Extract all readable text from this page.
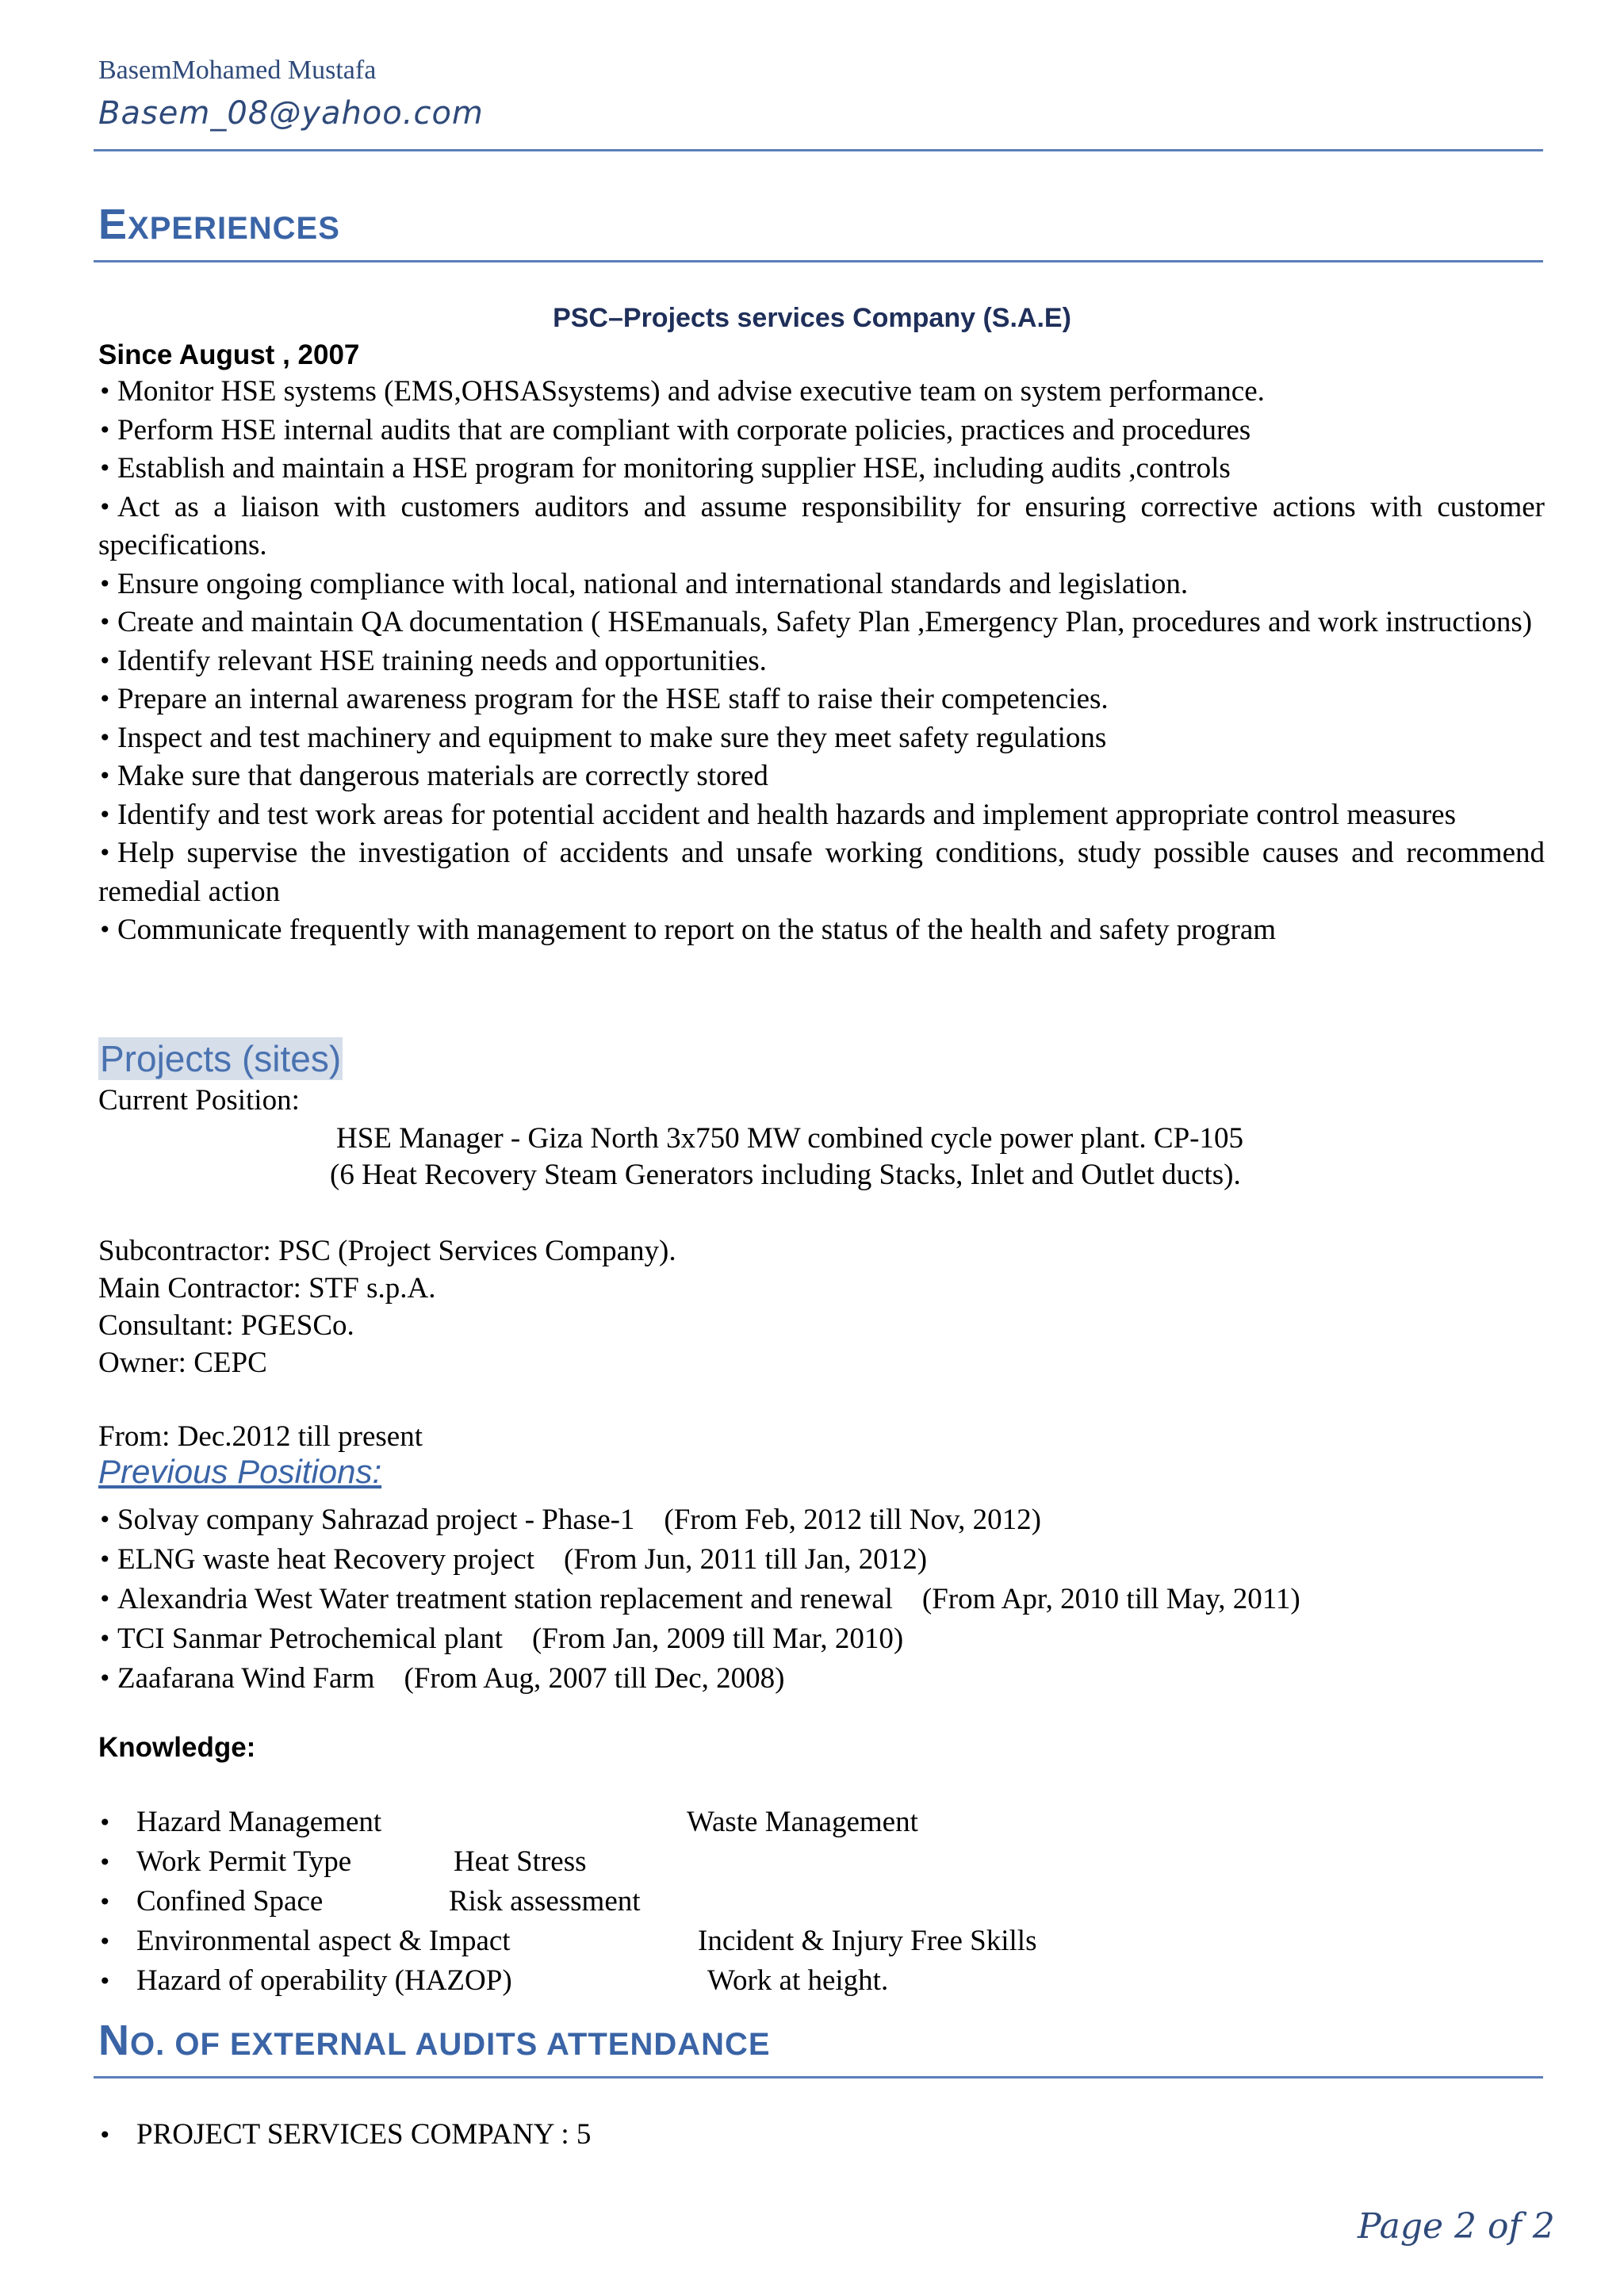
BasemMohamed Mustafa
Basem_08@yahoo.com
EXPERIENCES
PSC–Projects services Company (S.A.E)
Since August , 2007
• Monitor HSE systems (EMS,OHSASsystems) and advise executive team on system performance.
• Perform HSE internal audits that are compliant with corporate policies, practices and procedures
• Establish and maintain a HSE program for monitoring supplier HSE, including audits ,controls
• Act as a liaison with customers auditors and assume responsibility for ensuring corrective actions with customer specifications.
• Ensure ongoing compliance with local, national and international standards and legislation.
• Create and maintain QA documentation ( HSEmanuals, Safety Plan ,Emergency Plan, procedures and work instructions)
• Identify relevant HSE training needs and opportunities.
• Prepare an internal awareness program for the HSE staff to raise their competencies.
• Inspect and test machinery and equipment to make sure they meet safety regulations
• Make sure that dangerous materials are correctly stored
• Identify and test work areas for potential accident and health hazards and implement appropriate control measures
• Help supervise the investigation of accidents and unsafe working conditions, study possible causes and recommend remedial action
• Communicate frequently with management to report on the status of the health and safety program
Projects (sites)
Current Position:
HSE Manager - Giza North 3x750 MW combined cycle power plant. CP-105
(6 Heat Recovery Steam Generators including Stacks, Inlet and Outlet ducts).
Subcontractor: PSC (Project Services Company).
Main Contractor: STF s.p.A.
Consultant: PGESCo.
Owner: CEPC
From: Dec.2012 till present
Previous Positions:
• Solvay company Sahrazad project - Phase-1    (From Feb, 2012 till Nov, 2012)
• ELNG waste heat Recovery project    (From Jun, 2011 till Jan, 2012)
• Alexandria West Water treatment station replacement and renewal    (From Apr, 2010 till May, 2011)
• TCI Sanmar Petrochemical plant    (From Jan, 2009 till Mar, 2010)
• Zaafarana Wind Farm    (From Aug, 2007 till Dec, 2008)
Knowledge:
• Hazard Management	Waste Management
• Work Permit Type	Heat Stress
• Confined Space	Risk assessment
• Environmental aspect & Impact	Incident & Injury Free Skills
• Hazard of operability (HAZOP)	Work at height.
NO. OF EXTERNAL AUDITS ATTENDANCE
• PROJECT SERVICES COMPANY : 5
Page 2 of 2
